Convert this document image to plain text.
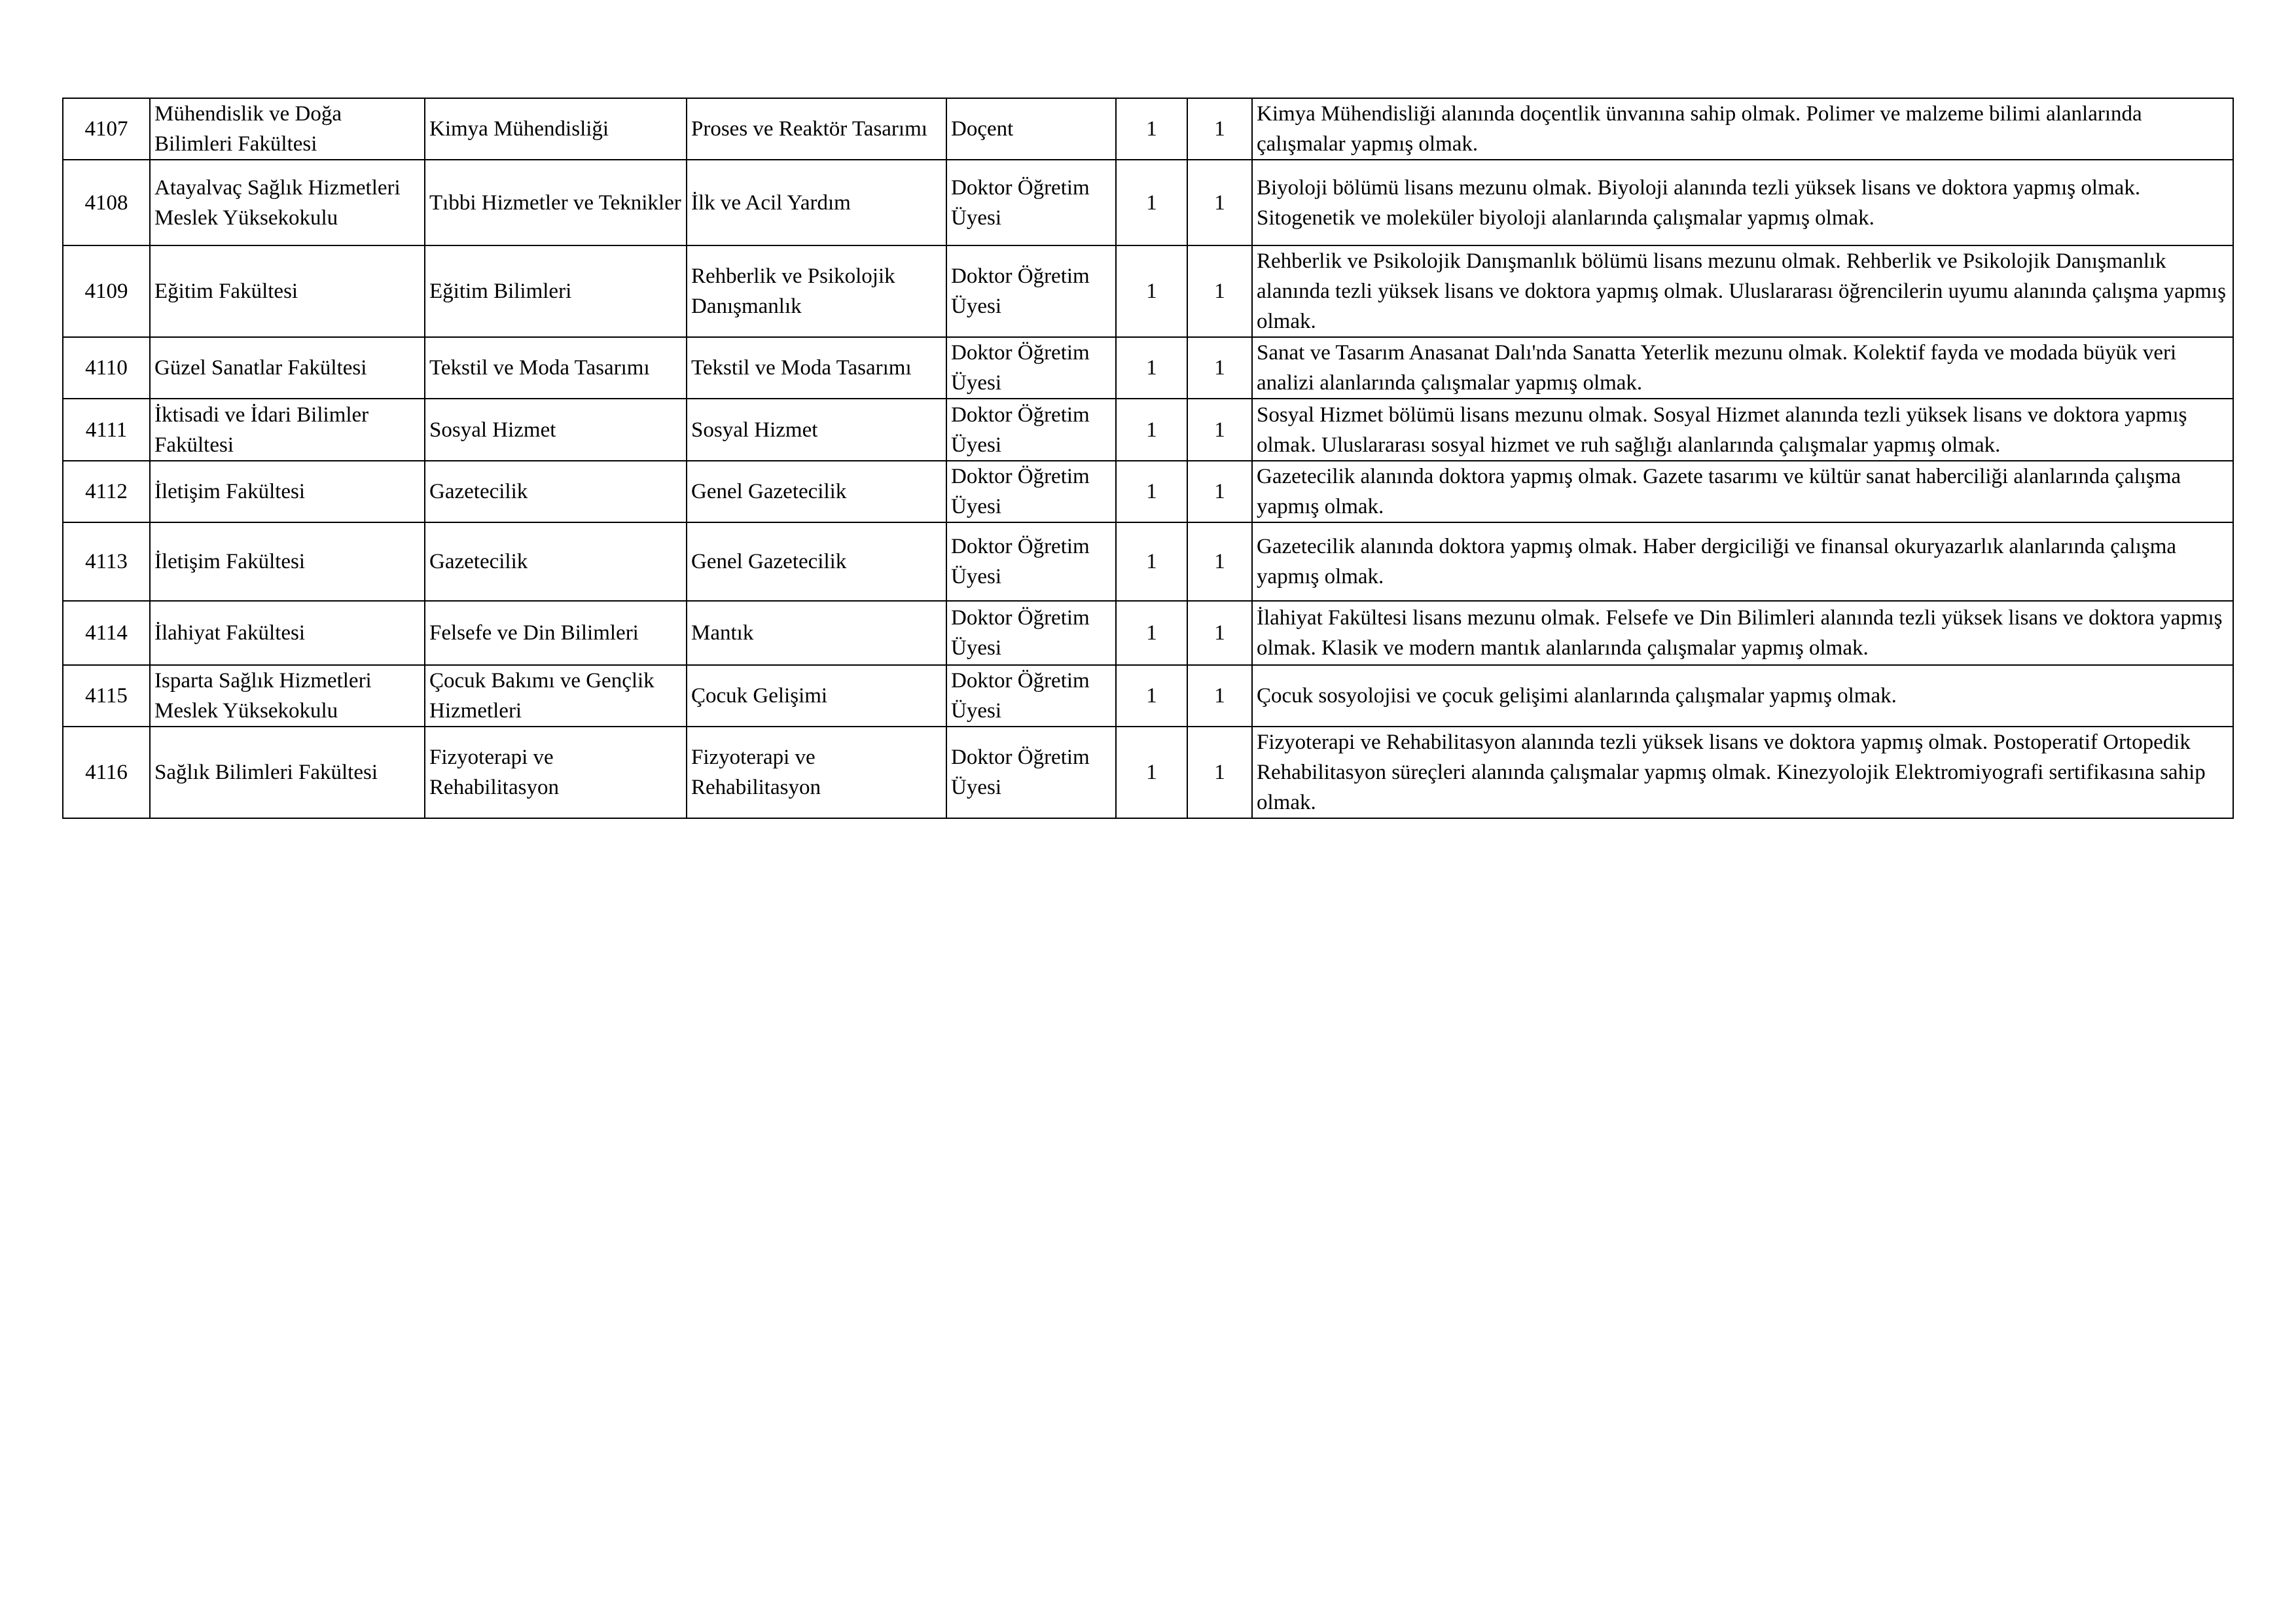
4107	Mühendislik ve Doğa Bilimleri Fakültesi	Kimya Mühendisliği	Proses ve Reaktör Tasarımı	Doçent	1	1	Kimya Mühendisliği alanında doçentlik ünvanına sahip olmak. Polimer ve malzeme bilimi alanlarında çalışmalar yapmış olmak.
4108	Atayalvaç Sağlık Hizmetleri Meslek Yüksekokulu	Tıbbi Hizmetler ve Teknikler	İlk ve Acil Yardım	Doktor Öğretim Üyesi	1	1	Biyoloji bölümü lisans mezunu olmak. Biyoloji alanında tezli yüksek lisans ve doktora yapmış olmak. Sitogenetik ve moleküler biyoloji alanlarında çalışmalar yapmış olmak.
4109	Eğitim Fakültesi	Eğitim Bilimleri	Rehberlik ve Psikolojik Danışmanlık	Doktor Öğretim Üyesi	1	1	Rehberlik ve Psikolojik Danışmanlık bölümü lisans mezunu olmak. Rehberlik ve Psikolojik Danışmanlık alanında tezli yüksek lisans ve doktora yapmış olmak. Uluslararası öğrencilerin uyumu alanında çalışma yapmış olmak.
4110	Güzel Sanatlar Fakültesi	Tekstil ve Moda Tasarımı	Tekstil ve Moda Tasarımı	Doktor Öğretim Üyesi	1	1	Sanat ve Tasarım Anasanat Dalı'nda Sanatta Yeterlik mezunu olmak. Kolektif fayda ve modada büyük veri analizi alanlarında çalışmalar yapmış olmak.
4111	İktisadi ve İdari Bilimler Fakültesi	Sosyal Hizmet	Sosyal Hizmet	Doktor Öğretim Üyesi	1	1	Sosyal Hizmet bölümü lisans mezunu olmak. Sosyal Hizmet alanında tezli yüksek lisans ve doktora yapmış olmak. Uluslararası sosyal hizmet ve ruh sağlığı alanlarında çalışmalar yapmış olmak.
4112	İletişim Fakültesi	Gazetecilik	Genel Gazetecilik	Doktor Öğretim Üyesi	1	1	Gazetecilik alanında doktora yapmış olmak. Gazete tasarımı ve kültür sanat haberciliği alanlarında çalışma yapmış olmak.
4113	İletişim Fakültesi	Gazetecilik	Genel Gazetecilik	Doktor Öğretim Üyesi	1	1	Gazetecilik alanında doktora yapmış olmak. Haber dergiciliği ve finansal okuryazarlık alanlarında çalışma yapmış olmak.
4114	İlahiyat Fakültesi	Felsefe ve Din Bilimleri	Mantık	Doktor Öğretim Üyesi	1	1	İlahiyat Fakültesi lisans mezunu olmak. Felsefe ve Din Bilimleri alanında tezli yüksek lisans ve doktora yapmış olmak. Klasik ve modern mantık alanlarında çalışmalar yapmış olmak.
4115	Isparta Sağlık Hizmetleri Meslek Yüksekokulu	Çocuk Bakımı ve Gençlik Hizmetleri	Çocuk Gelişimi	Doktor Öğretim Üyesi	1	1	Çocuk sosyolojisi ve çocuk gelişimi alanlarında çalışmalar yapmış olmak.
4116	Sağlık Bilimleri Fakültesi	Fizyoterapi ve Rehabilitasyon	Fizyoterapi ve Rehabilitasyon	Doktor Öğretim Üyesi	1	1	Fizyoterapi ve Rehabilitasyon alanında tezli yüksek lisans ve doktora yapmış olmak. Postoperatif Ortopedik Rehabilitasyon süreçleri alanında çalışmalar yapmış olmak. Kinezyolojik Elektromiyografi sertifikasına sahip olmak.
